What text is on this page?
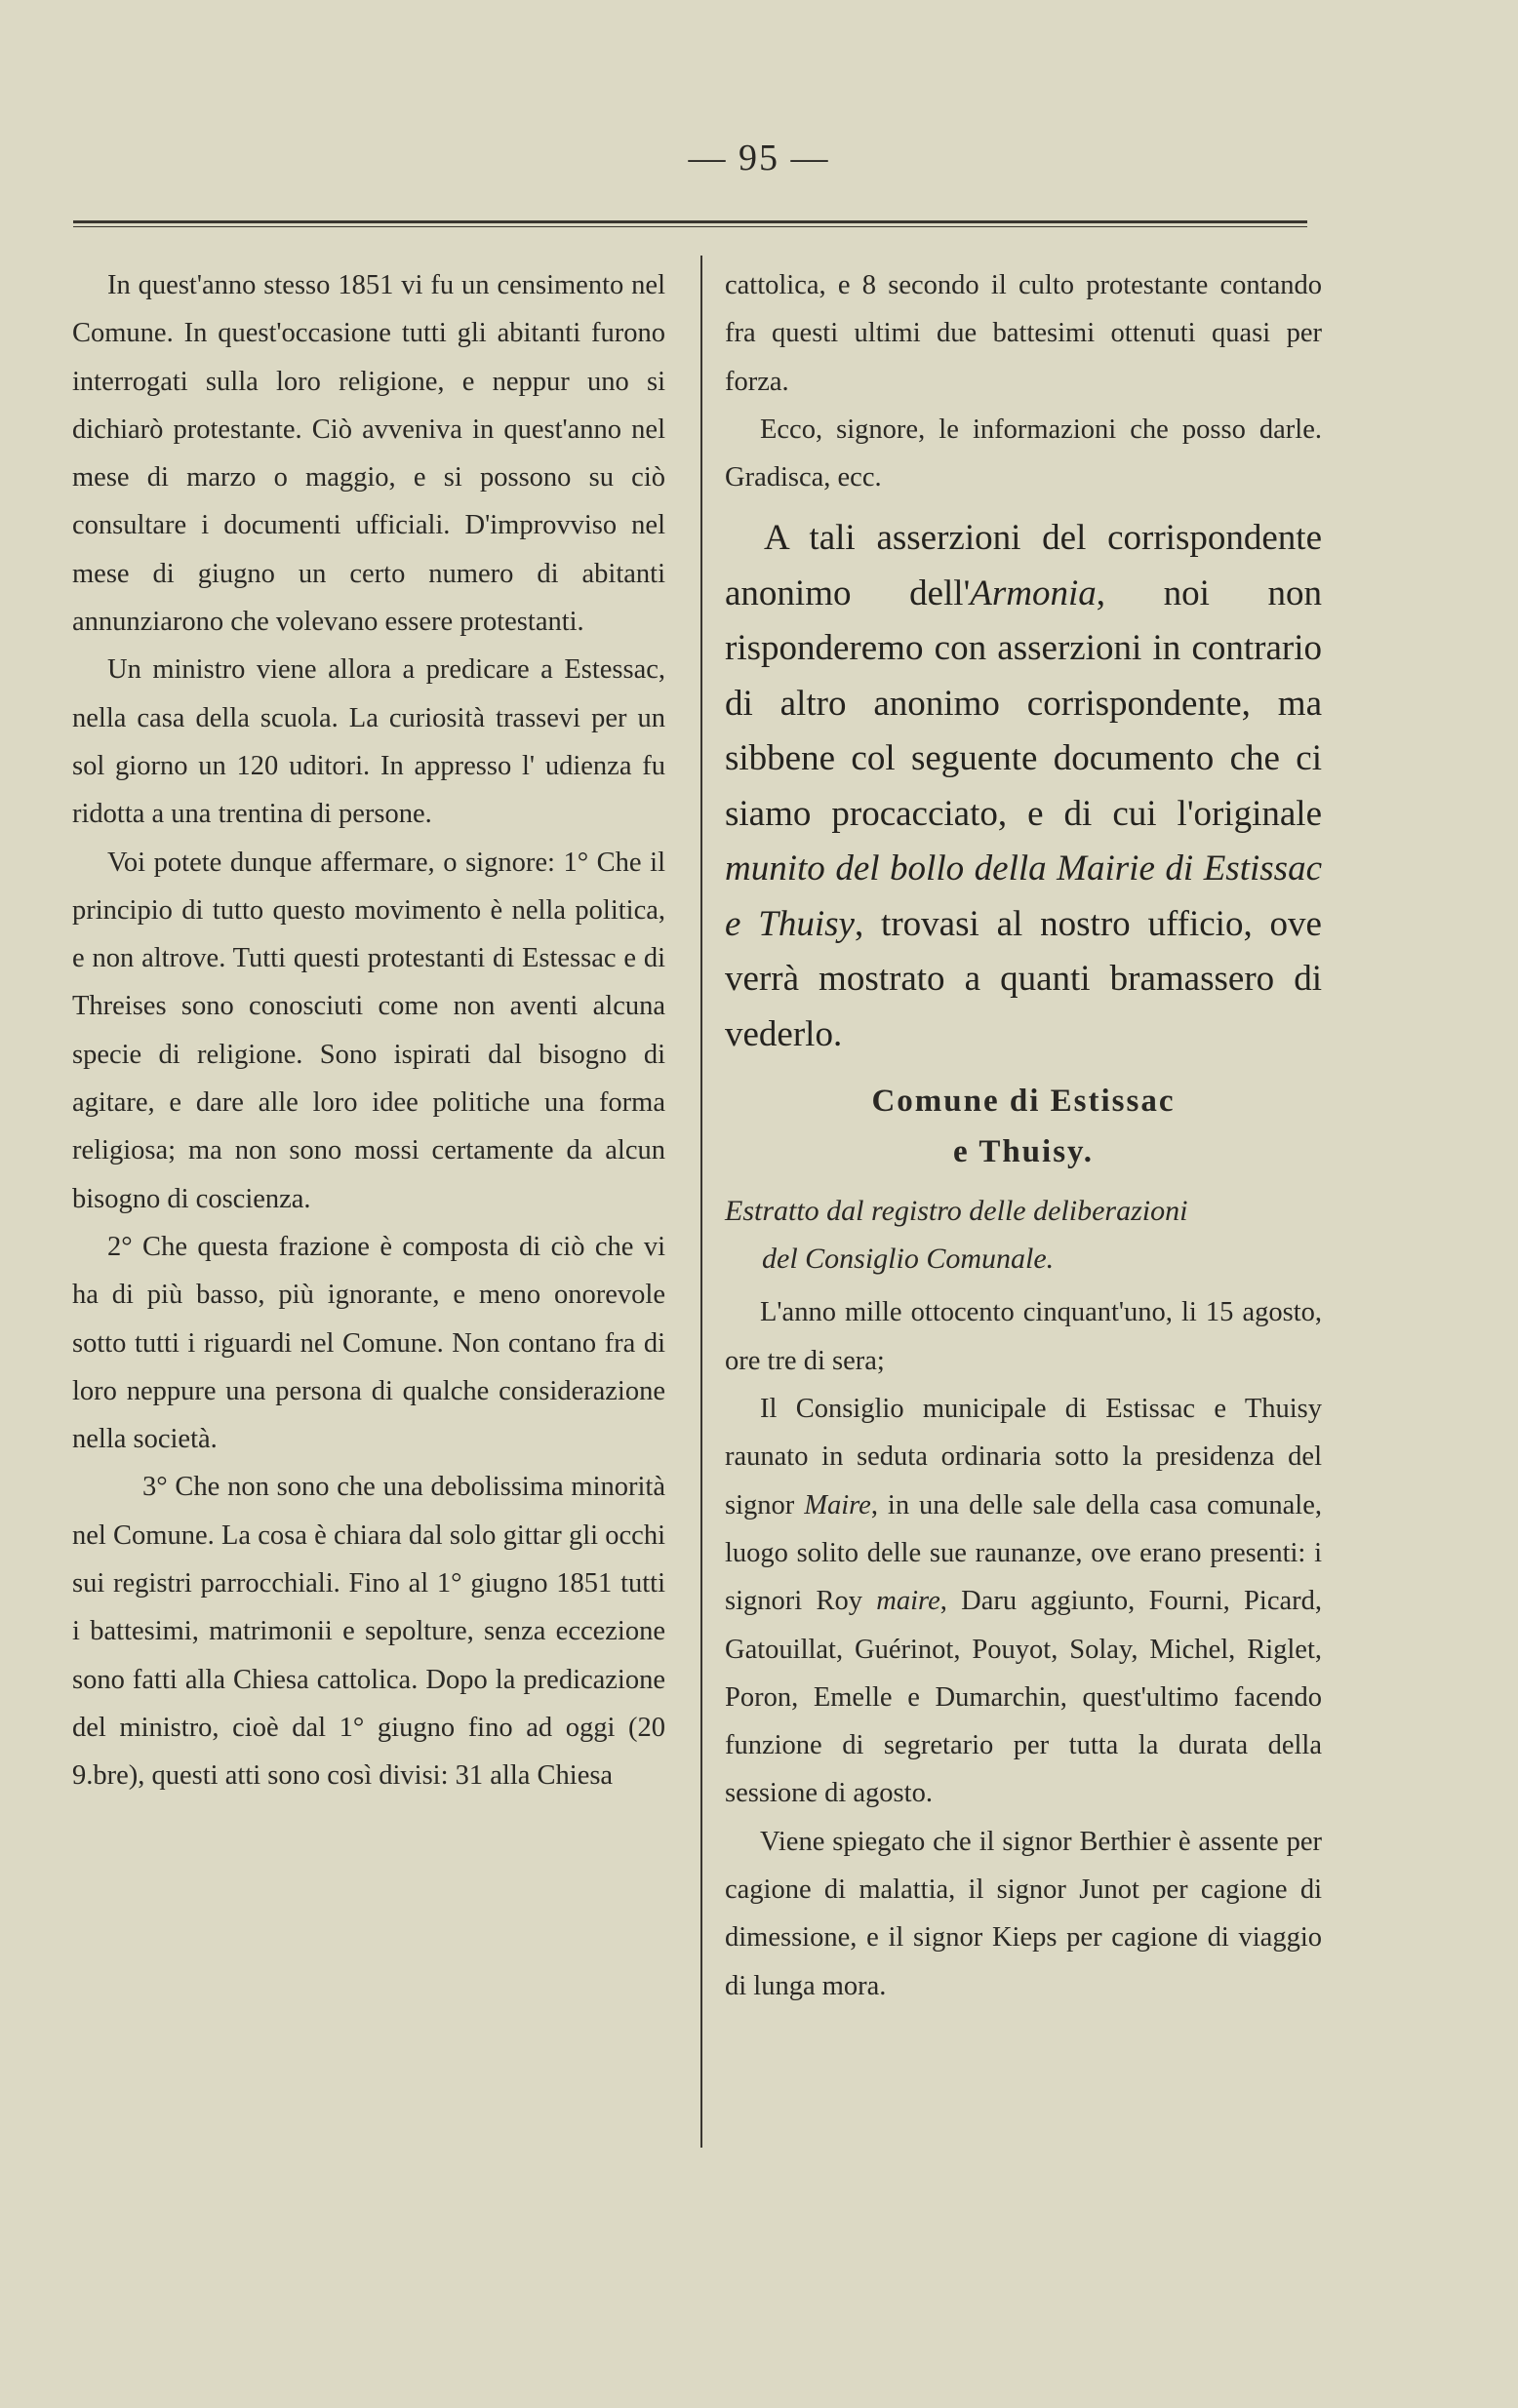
— 95 —

In quest'anno stesso 1851 vi fu un censimento nel Comune. In quest'occasione tutti gli abitanti furono interrogati sulla loro religione, e neppur uno si dichiarò protestante. Ciò avveniva in quest'anno nel mese di marzo o maggio, e si possono su ciò consultare i documenti ufficiali. D'improvviso nel mese di giugno un certo numero di abitanti annunziarono che volevano essere protestanti.

Un ministro viene allora a predicare a Estessac, nella casa della scuola. La curiosità trassevi per un sol giorno un 120 uditori. In appresso l' udienza fu ridotta a una trentina di persone.

Voi potete dunque affermare, o signore: 1° Che il principio di tutto questo movimento è nella politica, e non altrove. Tutti questi protestanti di Estessac e di Threises sono conosciuti come non aventi alcuna specie di religione. Sono ispirati dal bisogno di agitare, e dare alle loro idee politiche una forma religiosa; ma non sono mossi certamente da alcun bisogno di coscienza.

2° Che questa frazione è composta di ciò che vi ha di più basso, più ignorante, e meno onorevole sotto tutti i riguardi nel Comune. Non contano fra di loro neppure una persona di qualche considerazione nella società.

3° Che non sono che una debolissima minorità nel Comune. La cosa è chiara dal solo gittar gli occhi sui registri parrocchiali. Fino al 1° giugno 1851 tutti i battesimi, matrimonii e sepolture, senza eccezione sono fatti alla Chiesa cattolica. Dopo la predicazione del ministro, cioè dal 1° giugno fino ad oggi (20 9.bre), questi atti sono così divisi: 31 alla Chiesa

cattolica, e 8 secondo il culto protestante contando fra questi ultimi due battesimi ottenuti quasi per forza.

Ecco, signore, le informazioni che posso darle. Gradisca, ecc.

A tali asserzioni del corrispondente anonimo dell'Armonia, noi non risponderemo con asserzioni in contrario di altro anonimo corrispondente, ma sibbene col seguente documento che ci siamo procacciato, e di cui l'originale munito del bollo della Mairie di Estissac e Thuisy, trovasi al nostro ufficio, ove verrà mostrato a quanti bramassero di vederlo.

Comune di Estissac

e Thuisy.

Estratto dal registro delle deliberazioni

del Consiglio Comunale.

L'anno mille ottocento cinquant'uno, li 15 agosto, ore tre di sera;

Il Consiglio municipale di Estissac e Thuisy raunato in seduta ordinaria sotto la presidenza del signor Maire, in una delle sale della casa comunale, luogo solito delle sue raunanze, ove erano presenti: i signori Roy maire, Daru aggiunto, Fourni, Picard, Gatouillat, Guérinot, Pouyot, Solay, Michel, Riglet, Poron, Emelle e Dumarchin, quest'ultimo facendo funzione di segretario per tutta la durata della sessione di agosto.

Viene spiegato che il signor Berthier è assente per cagione di malattia, il signor Junot per cagione di dimessione, e il signor Kieps per cagione di viaggio di lunga mora.
